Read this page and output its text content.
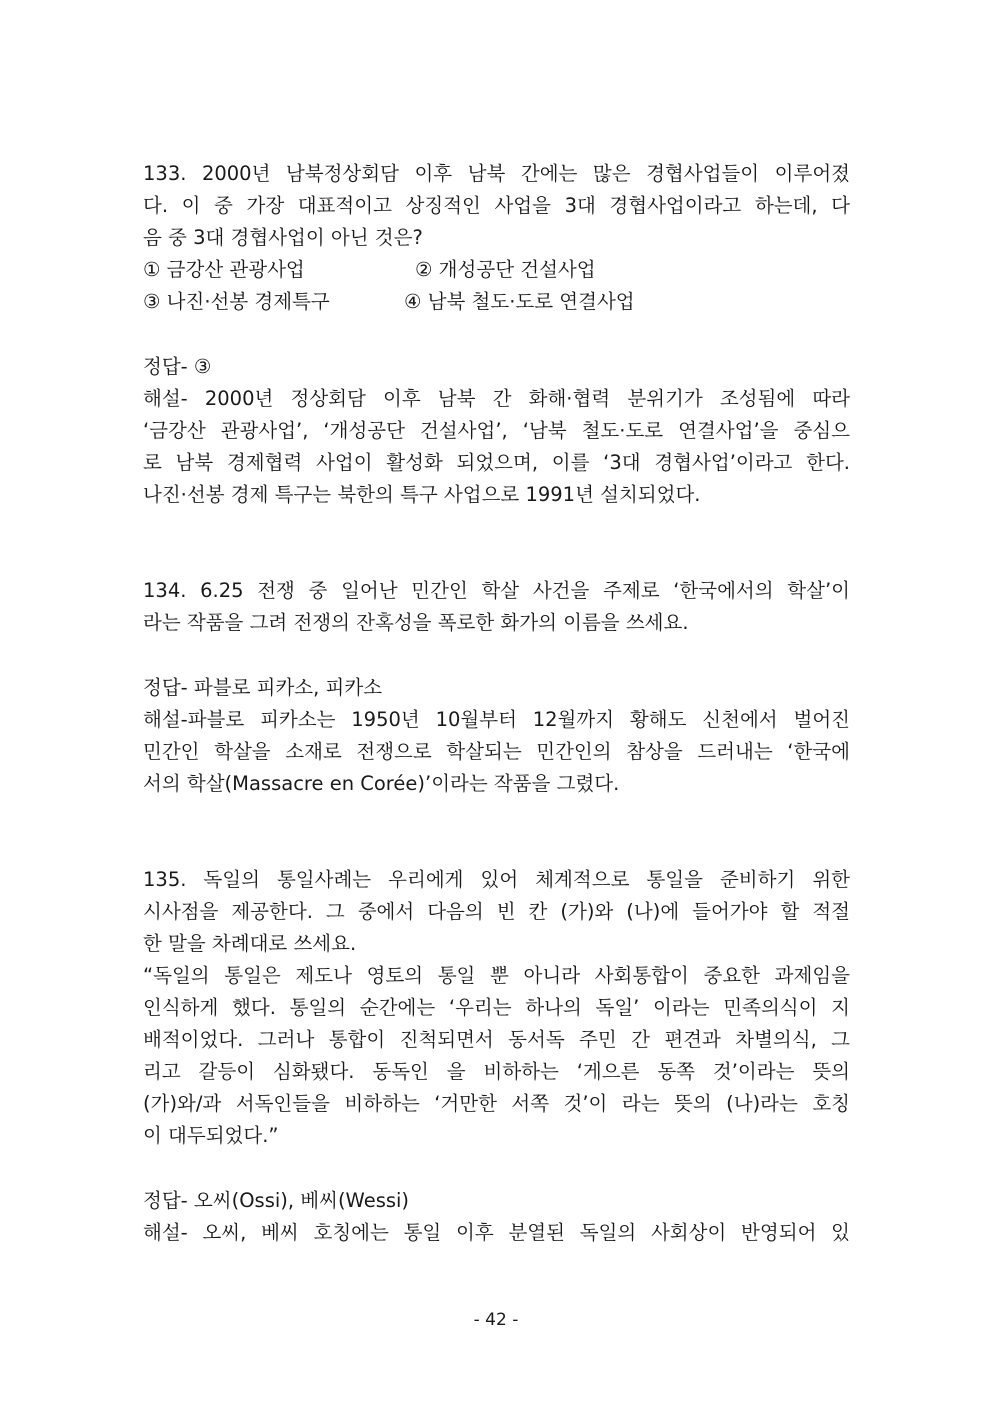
133. 2000년 남북정상회담 이후 남북 간에는 많은 경협사업들이 이루어졌
다. 이 중 가장 대표적이고 상징적인 사업을 3대 경협사업이라고 하는데, 다
음 중 3대 경협사업이 아닌 것은?
① 금강산 관광사업	② 개성공단 건설사업
③ 나진·선봉 경제특구	④ 남북 철도·도로 연결사업
정답- ③
해설- 2000년 정상회담 이후 남북 간 화해·협력 분위기가 조성됨에 따라
‘금강산 관광사업’, ‘개성공단 건설사업’, ‘남북 철도·도로 연결사업’을 중심으
로 남북 경제협력 사업이 활성화 되었으며, 이를 ‘3대 경협사업’이라고 한다.
나진·선봉 경제 특구는 북한의 특구 사업으로 1991년 설치되었다.
134. 6.25 전쟁 중 일어난 민간인 학살 사건을 주제로 ‘한국에서의 학살’이
라는 작품을 그려 전쟁의 잔혹성을 폭로한 화가의 이름을 쓰세요.
정답- 파블로 피카소, 피카소
해설-파블로 피카소는 1950년 10월부터 12월까지 황해도 신천에서 벌어진
민간인 학살을 소재로 전쟁으로 학살되는 민간인의 참상을 드러내는 ‘한국에
서의 학살(Massacre en Corée)’이라는 작품을 그렸다.
135. 독일의 통일사례는 우리에게 있어 체계적으로 통일을 준비하기 위한
시사점을 제공한다. 그 중에서 다음의 빈 칸 (가)와 (나)에 들어가야 할 적절
한 말을 차례대로 쓰세요.
“독일의 통일은 제도나 영토의 통일 뿐 아니라 사회통합이 중요한 과제임을
인식하게 했다. 통일의 순간에는 ‘우리는 하나의 독일’ 이라는 민족의식이 지
배적이었다. 그러나 통합이 진척되면서 동서독 주민 간 편견과 차별의식, 그
리고 갈등이 심화됐다. 동독인 을 비하하는 ‘게으른 동쪽 것’이라는 뜻의
(가)와/과 서독인들을 비하하는 ‘거만한 서쪽 것’이 라는 뜻의 (나)라는 호칭
이 대두되었다.”
정답- 오씨(Ossi), 베씨(Wessi)
해설- 오씨, 베씨 호칭에는 통일 이후 분열된 독일의 사회상이 반영되어 있
- 42 -
